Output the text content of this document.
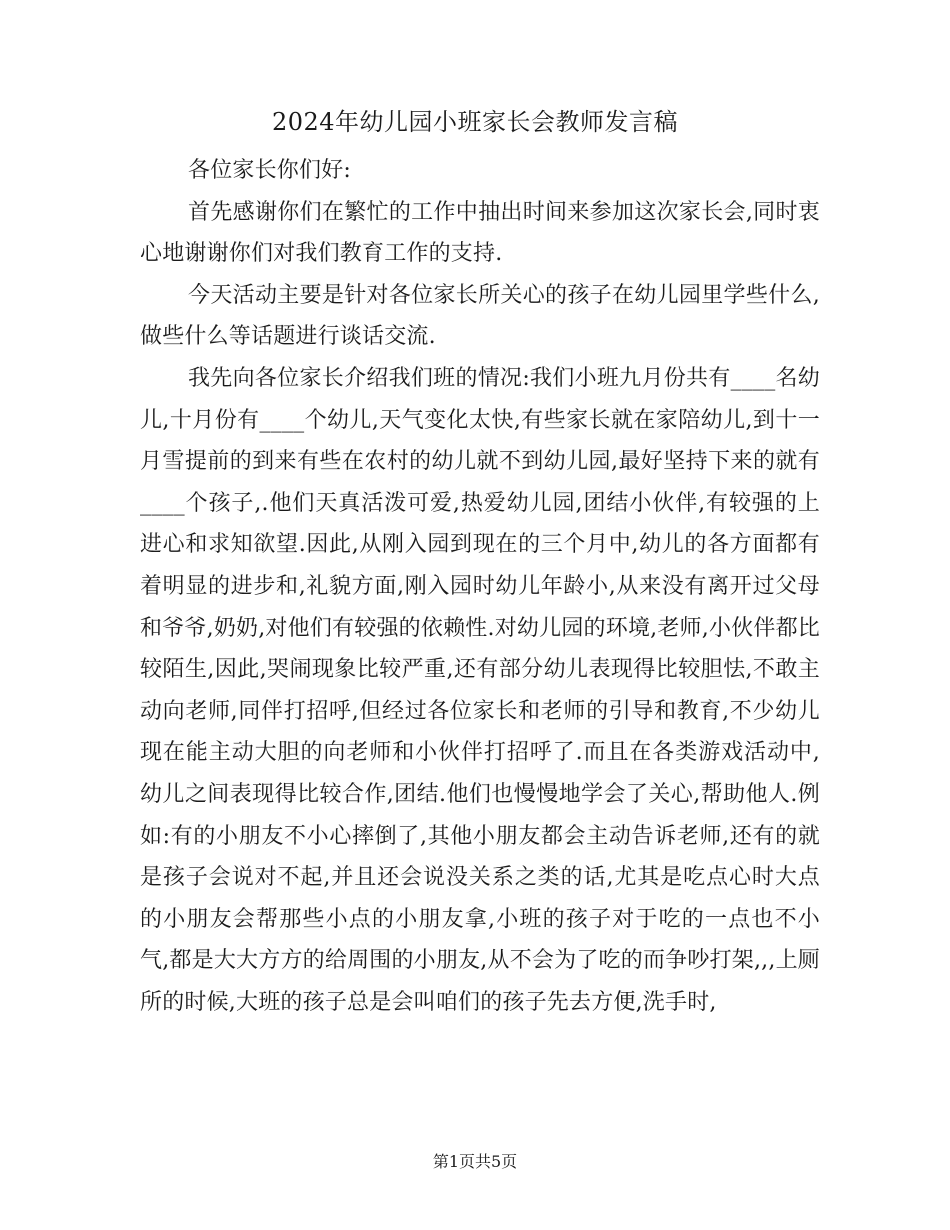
2024年幼儿园小班家长会教师发言稿

各位家长你们好:

首先感谢你们在繁忙的工作中抽出时间来参加这次家长会,同时衷心地谢谢你们对我们教育工作的支持.

今天活动主要是针对各位家长所关心的孩子在幼儿园里学些什么,做些什么等话题进行谈话交流.

我先向各位家长介绍我们班的情况:我们小班九月份共有____名幼儿,十月份有____个幼儿,天气变化太快,有些家长就在家陪幼儿,到十一月雪提前的到来有些在农村的幼儿就不到幼儿园,最好坚持下来的就有____个孩子,.他们天真活泼可爱,热爱幼儿园,团结小伙伴,有较强的上进心和求知欲望.因此,从刚入园到现在的三个月中,幼儿的各方面都有着明显的进步和,礼貌方面,刚入园时幼儿年龄小,从来没有离开过父母和爷爷,奶奶,对他们有较强的依赖性.对幼儿园的环境,老师,小伙伴都比较陌生,因此,哭闹现象比较严重,还有部分幼儿表现得比较胆怯,不敢主动向老师,同伴打招呼,但经过各位家长和老师的引导和教育,不少幼儿现在能主动大胆的向老师和小伙伴打招呼了.而且在各类游戏活动中,幼儿之间表现得比较合作,团结.他们也慢慢地学会了关心,帮助他人.例如:有的小朋友不小心摔倒了,其他小朋友都会主动告诉老师,还有的就是孩子会说对不起,并且还会说没关系之类的话,尤其是吃点心时大点的小朋友会帮那些小点的小朋友拿,小班的孩子对于吃的一点也不小气,都是大大方方的给周围的小朋友,从不会为了吃的而争吵打架,,,上厕所的时候,大班的孩子总是会叫咱们的孩子先去方便,洗手时,

第1页共5页
